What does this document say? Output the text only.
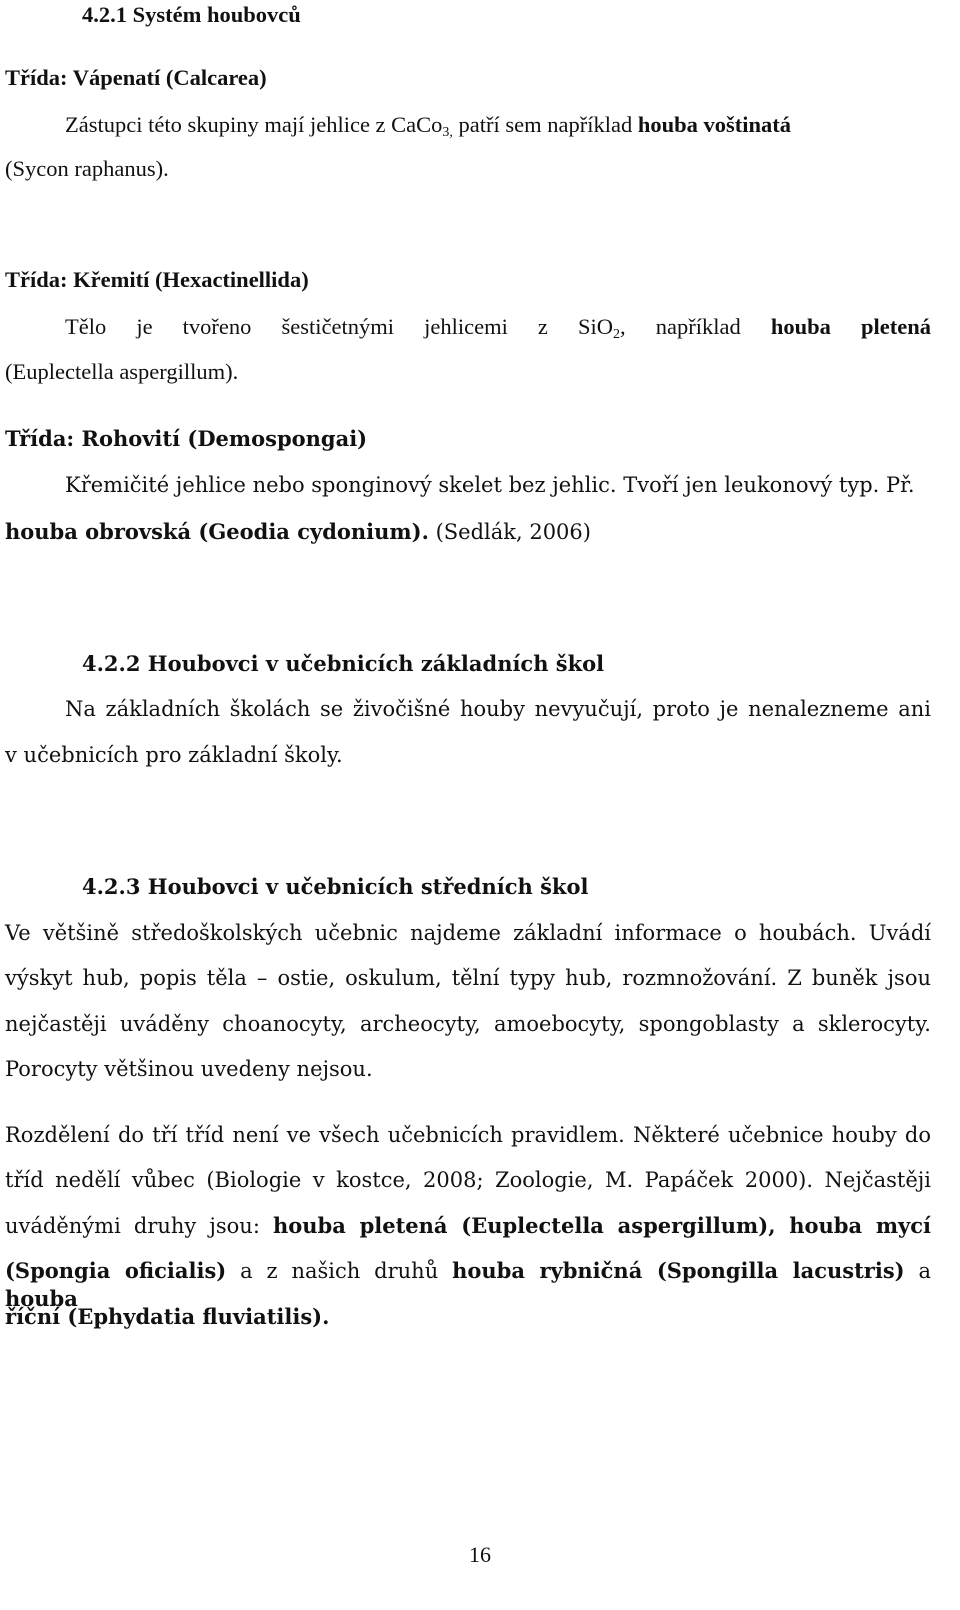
4.2.1 Systém houbovců
Třída: Vápenatí (Calcarea)
Zástupci této skupiny mají jehlice z CaCo$_{3,}$ patří sem například houba voštinatá
(Sycon raphanus).
Třída: Křemití (Hexactinellida)
Tělo je tvořeno šestičetnými jehlicemi z SiO$_2$, například houba pletená
(Euplectella aspergillum).
Třída: Rohovití (Demospongai)
Křemičité jehlice nebo sponginový skelet bez jehlic. Tvoří jen leukonový typ. Př.
houba obrovská (Geodia cydonium). (Sedlák, 2006)
4.2.2 Houbovci v učebnicích základních škol
Na základních školách se živočišné houby nevyučují, proto je nenalezneme ani
v učebnicích pro základní školy.
4.2.3 Houbovci v učebnicích středních škol
Ve většině středoškolských učebnic najdeme základní informace o houbách. Uvádí
výskyt hub, popis těla – ostie, oskulum, tělní typy hub, rozmnožování. Z buněk jsou
nejčastěji uváděny choanocyty, archeocyty, amoebocyty, spongoblasty a sklerocyty.
Porocyty většinou uvedeny nejsou.
Rozdělení do tří tříd není ve všech učebnicích pravidlem. Některé učebnice houby do
tříd nedělí vůbec (Biologie v kostce, 2008; Zoologie, M. Papáček 2000). Nejčastěji
uváděnými druhy jsou: houba pletená (Euplectella aspergillum), houba mycí
(Spongia oficialis) a z našich druhů houba rybničná (Spongilla lacustris) a houba
říční (Ephydatia fluviatilis).
16
